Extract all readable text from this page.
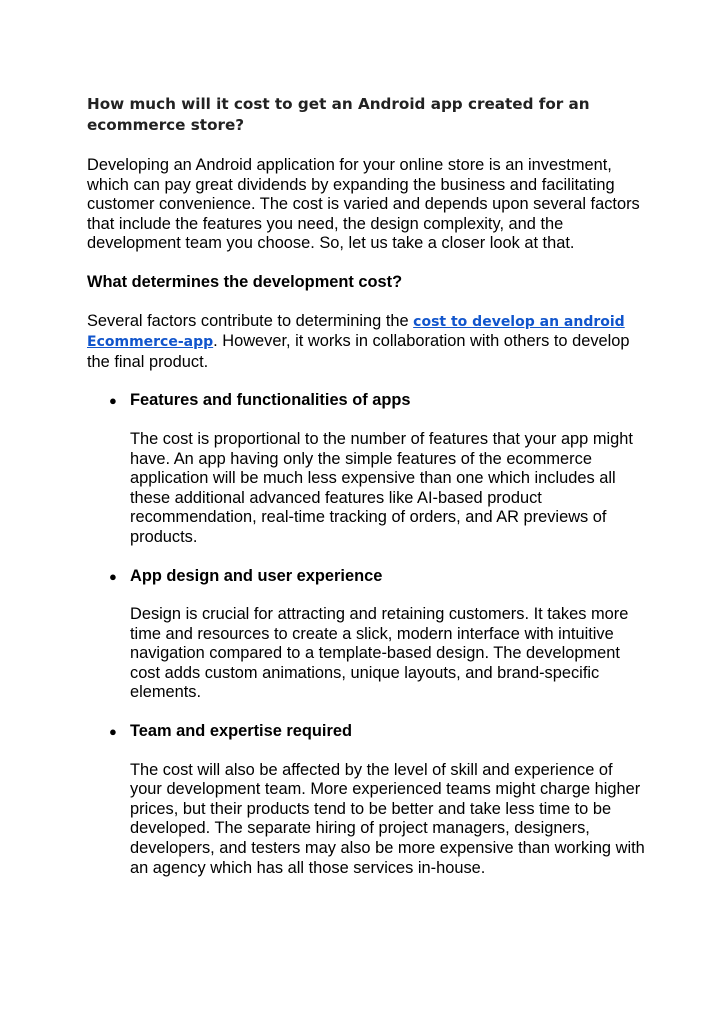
How much will it cost to get an Android app created for an ecommerce store?

Developing an Android application for your online store is an investment, which can pay great dividends by expanding the business and facilitating customer convenience. The cost is varied and depends upon several factors that include the features you need, the design complexity, and the development team you choose. So, let us take a closer look at that.

What determines the development cost?

Several factors contribute to determining the cost to develop an android Ecommerce-app. However, it works in collaboration with others to develop the final product.

● Features and functionalities of apps

The cost is proportional to the number of features that your app might have. An app having only the simple features of the ecommerce application will be much less expensive than one which includes all these additional advanced features like AI-based product recommendation, real-time tracking of orders, and AR previews of products.

● App design and user experience

Design is crucial for attracting and retaining customers. It takes more time and resources to create a slick, modern interface with intuitive navigation compared to a template-based design. The development cost adds custom animations, unique layouts, and brand-specific elements.

● Team and expertise required

The cost will also be affected by the level of skill and experience of your development team. More experienced teams might charge higher prices, but their products tend to be better and take less time to be developed. The separate hiring of project managers, designers, developers, and testers may also be more expensive than working with an agency which has all those services in-house.
